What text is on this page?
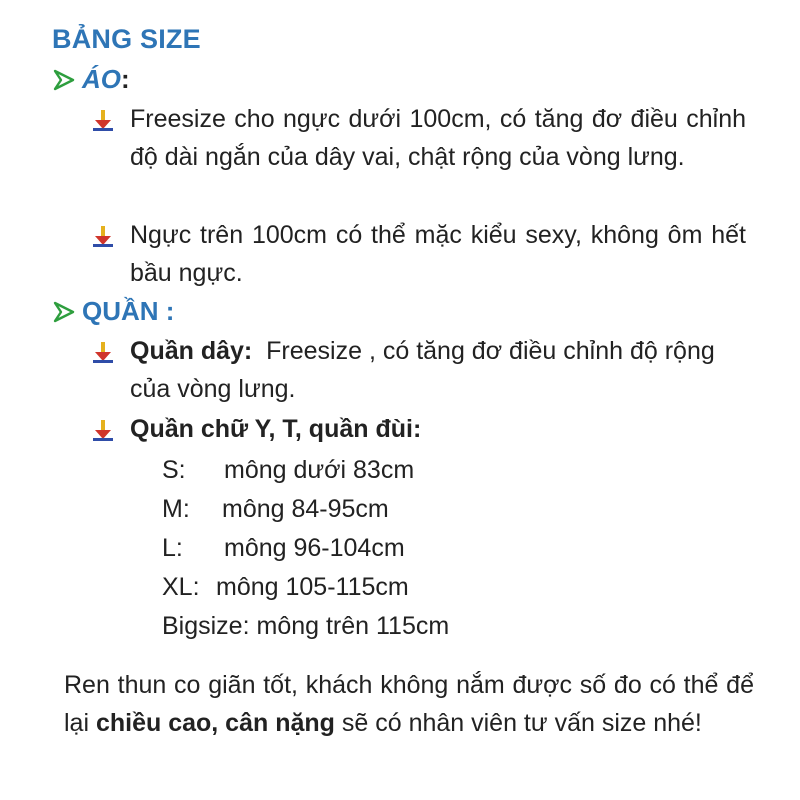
BẢNG SIZE
ÁO :
Freesize cho ngực dưới 100cm, có tăng đơ điều chỉnh độ dài ngắn của dây vai, chật rộng của vòng lưng.
Ngực trên 100cm có thể mặc kiểu sexy, không ôm hết bầu ngực.
QUẦN :
Quần dây: Freesize , có tăng đơ điều chỉnh độ rộng của vòng lưng.
Quần chữ Y, T, quần đùi:
S: mông dưới 83cm
M: mông 84-95cm
L: mông 96-104cm
XL: mông 105-115cm
Bigsize: mông trên 115cm
Ren thun co giãn tốt, khách không nắm được số đo có thể để lại chiều cao, cân nặng sẽ có nhân viên tư vấn size nhé!
